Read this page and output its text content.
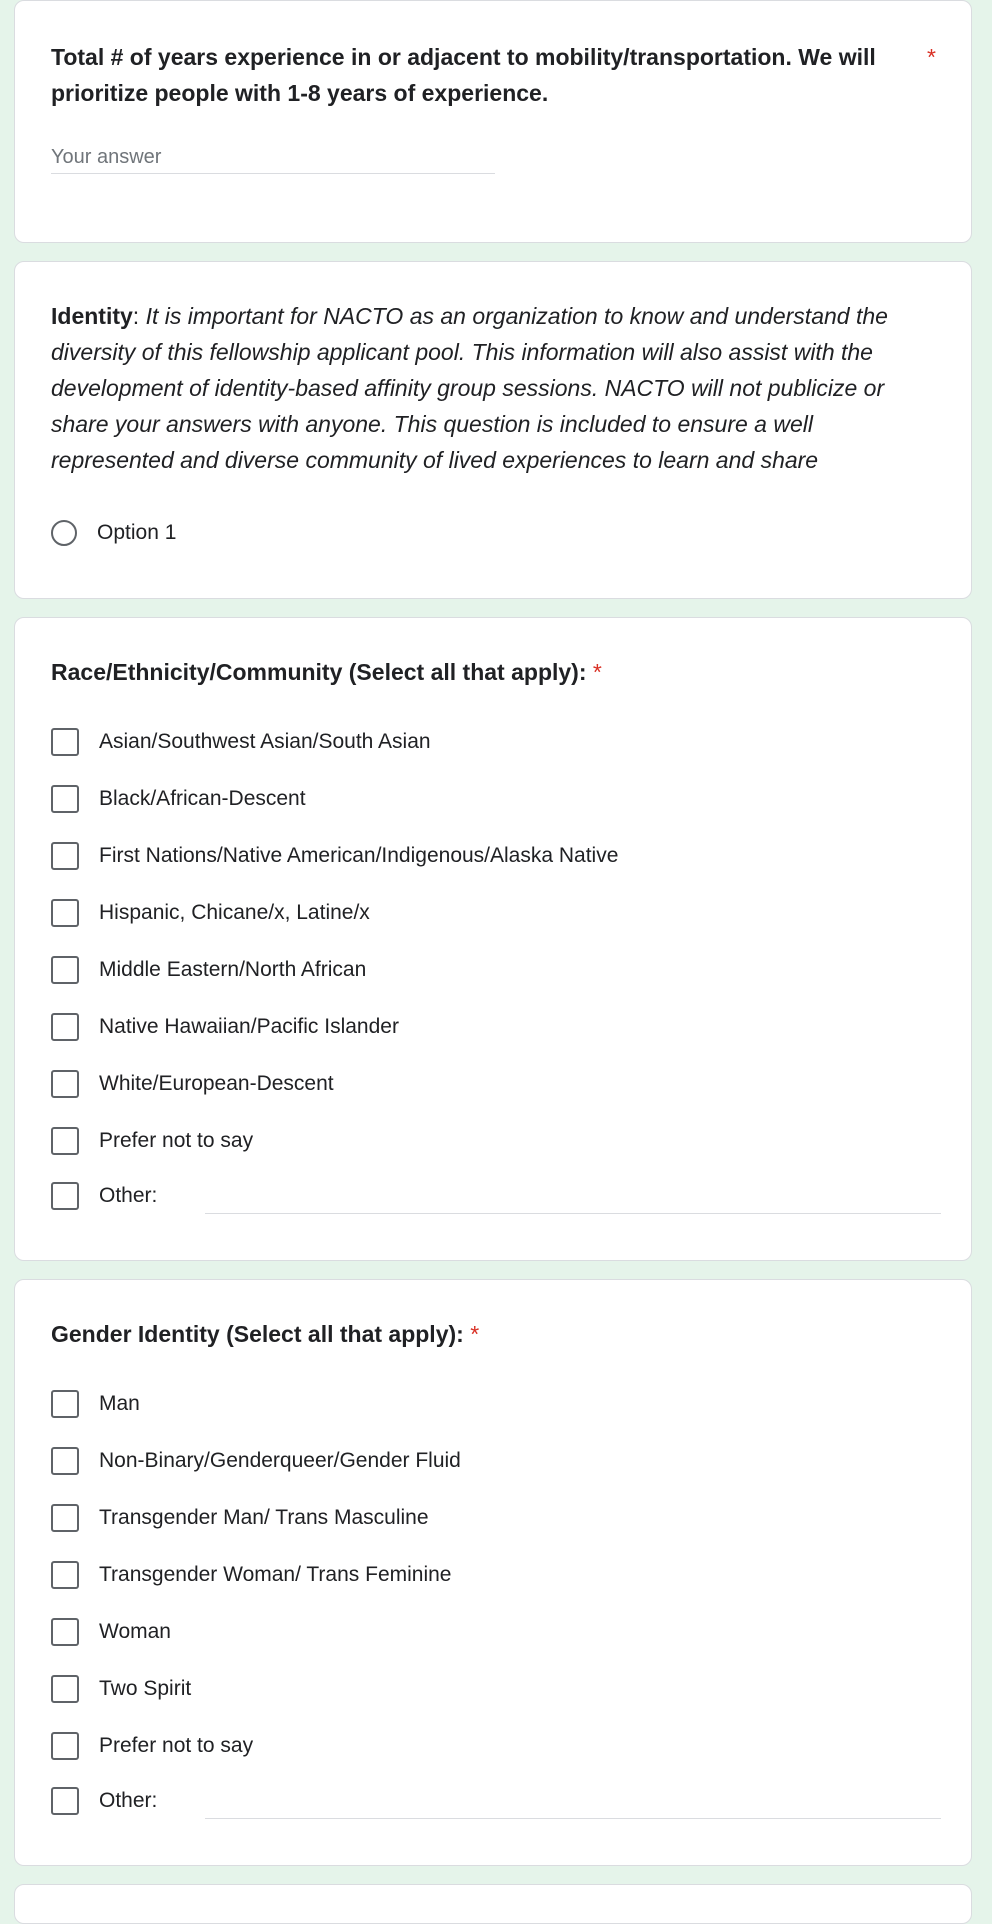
Total # of years experience in or adjacent to mobility/transportation. We will prioritize people with 1-8 years of experience.
*
Your answer
Identity: It is important for NACTO as an organization to know and understand the diversity of this fellowship applicant pool. This information will also assist with the development of identity-based affinity group sessions. NACTO will not publicize or share your answers with anyone. This question is included to ensure a well represented and diverse community of lived experiences to learn and share
Option 1
Race/Ethnicity/Community (Select all that apply): *
Asian/Southwest Asian/South Asian
Black/African-Descent
First Nations/Native American/Indigenous/Alaska Native
Hispanic, Chicane/x, Latine/x
Middle Eastern/North African
Native Hawaiian/Pacific Islander
White/European-Descent
Prefer not to say
Other:
Gender Identity (Select all that apply): *
Man
Non-Binary/Genderqueer/Gender Fluid
Transgender Man/ Trans Masculine
Transgender Woman/ Trans Feminine
Woman
Two Spirit
Prefer not to say
Other:
